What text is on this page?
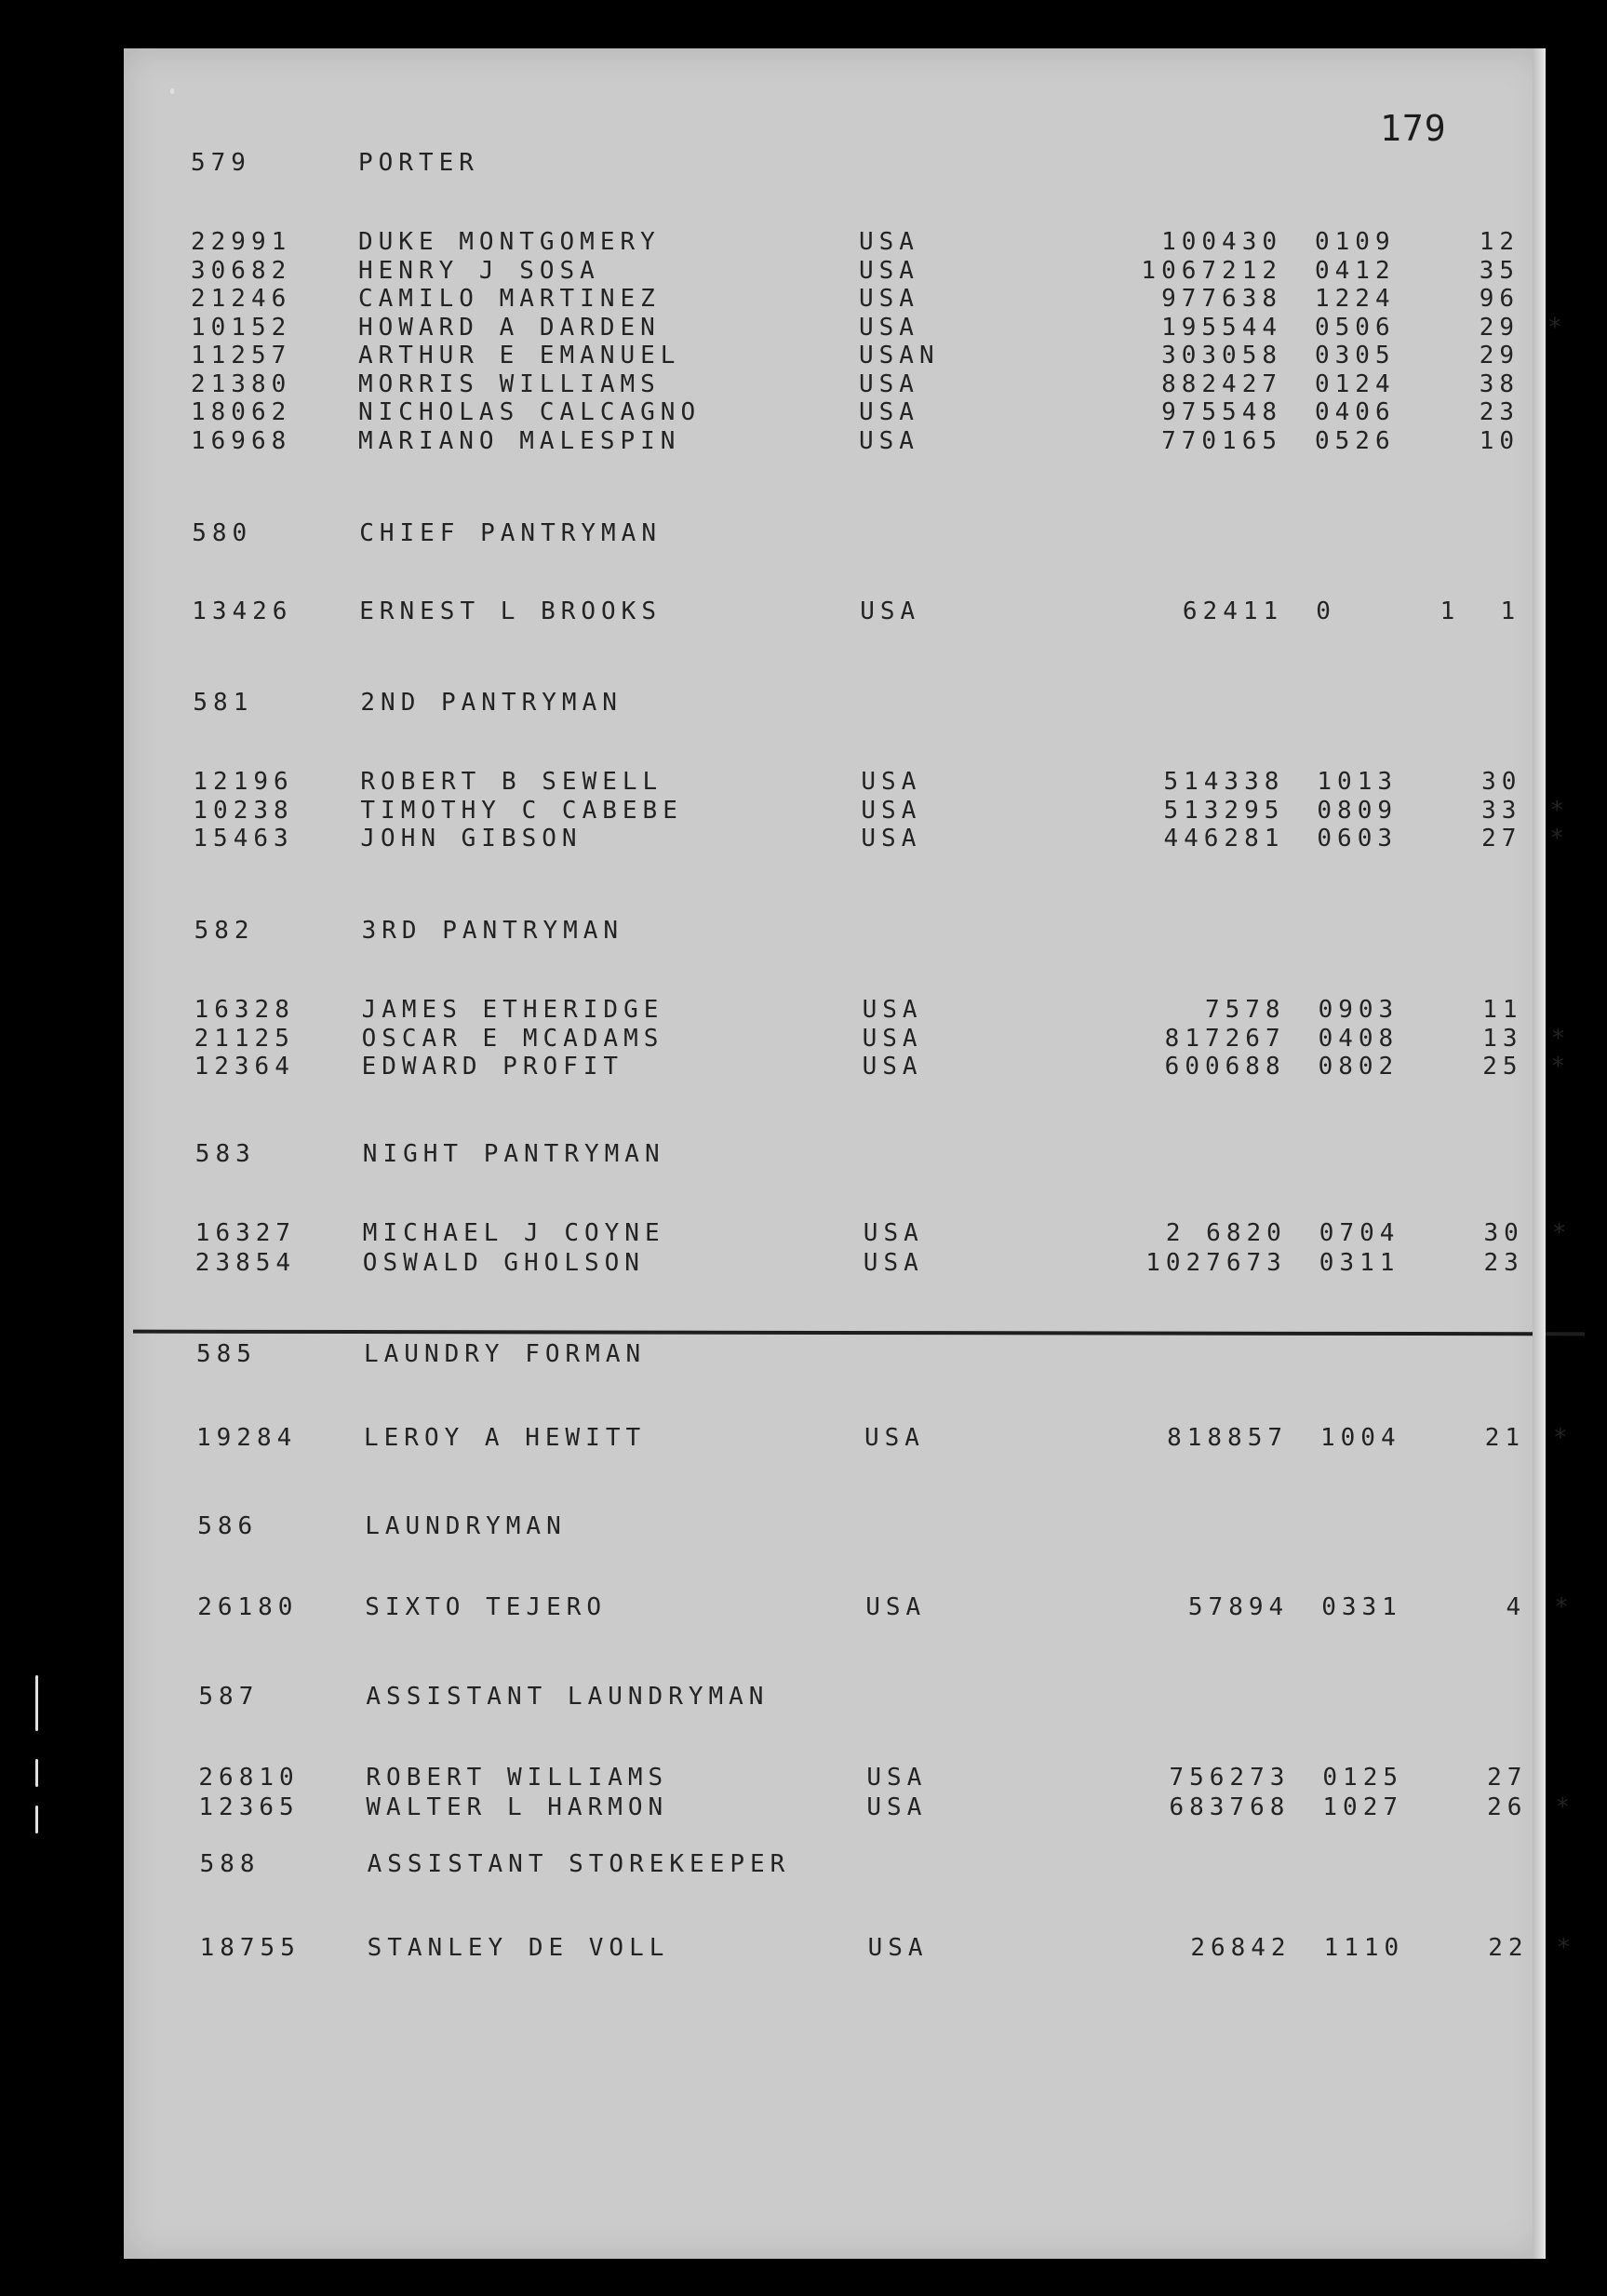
179
579	PORTER
22991	DUKE MONTGOMERY	USA	100430 0109	12
30682	HENRY J SOSA	USA	1067212 0412	35
21246	CAMILO MARTINEZ	USA	977638 1224	96
10152	HOWARD A DARDEN	USA	195544 0506	29 *
11257	ARTHUR E EMANUEL	USAN	303058 0305	29
21380	MORRIS WILLIAMS	USA	882427 0124	38
18062	NICHOLAS CALCAGNO	USA	975548 0406	23
16968	MARIANO MALESPIN	USA	770165 0526	10
580	CHIEF PANTRYMAN
13426	ERNEST L BROOKS	USA	62411 0	1  1
581	2ND PANTRYMAN
12196	ROBERT B SEWELL	USA	514338 1013	30
10238	TIMOTHY C CABEBE	USA	513295 0809	33 *
15463	JOHN GIBSON	USA	446281 0603	27 *
582	3RD PANTRYMAN
16328	JAMES ETHERIDGE	USA	7578 0903	11
21125	OSCAR E MCADAMS	USA	817267 0408	13 *
12364	EDWARD PROFIT	USA	600688 0802	25 *
583	NIGHT PANTRYMAN
16327	MICHAEL J COYNE	USA	2 6820 0704	30 *
23854	OSWALD GHOLSON	USA	1027673 0311	23
585	LAUNDRY FORMAN
19284	LEROY A HEWITT	USA	818857 1004	21 *
586	LAUNDRYMAN
26180	SIXTO TEJERO	USA	57894 0331	4 *
587	ASSISTANT LAUNDRYMAN
26810	ROBERT WILLIAMS	USA	756273 0125	27
12365	WALTER L HARMON	USA	683768 1027	26 *
588	ASSISTANT STOREKEEPER
18755	STANLEY DE VOLL	USA	26842 1110	22 *
